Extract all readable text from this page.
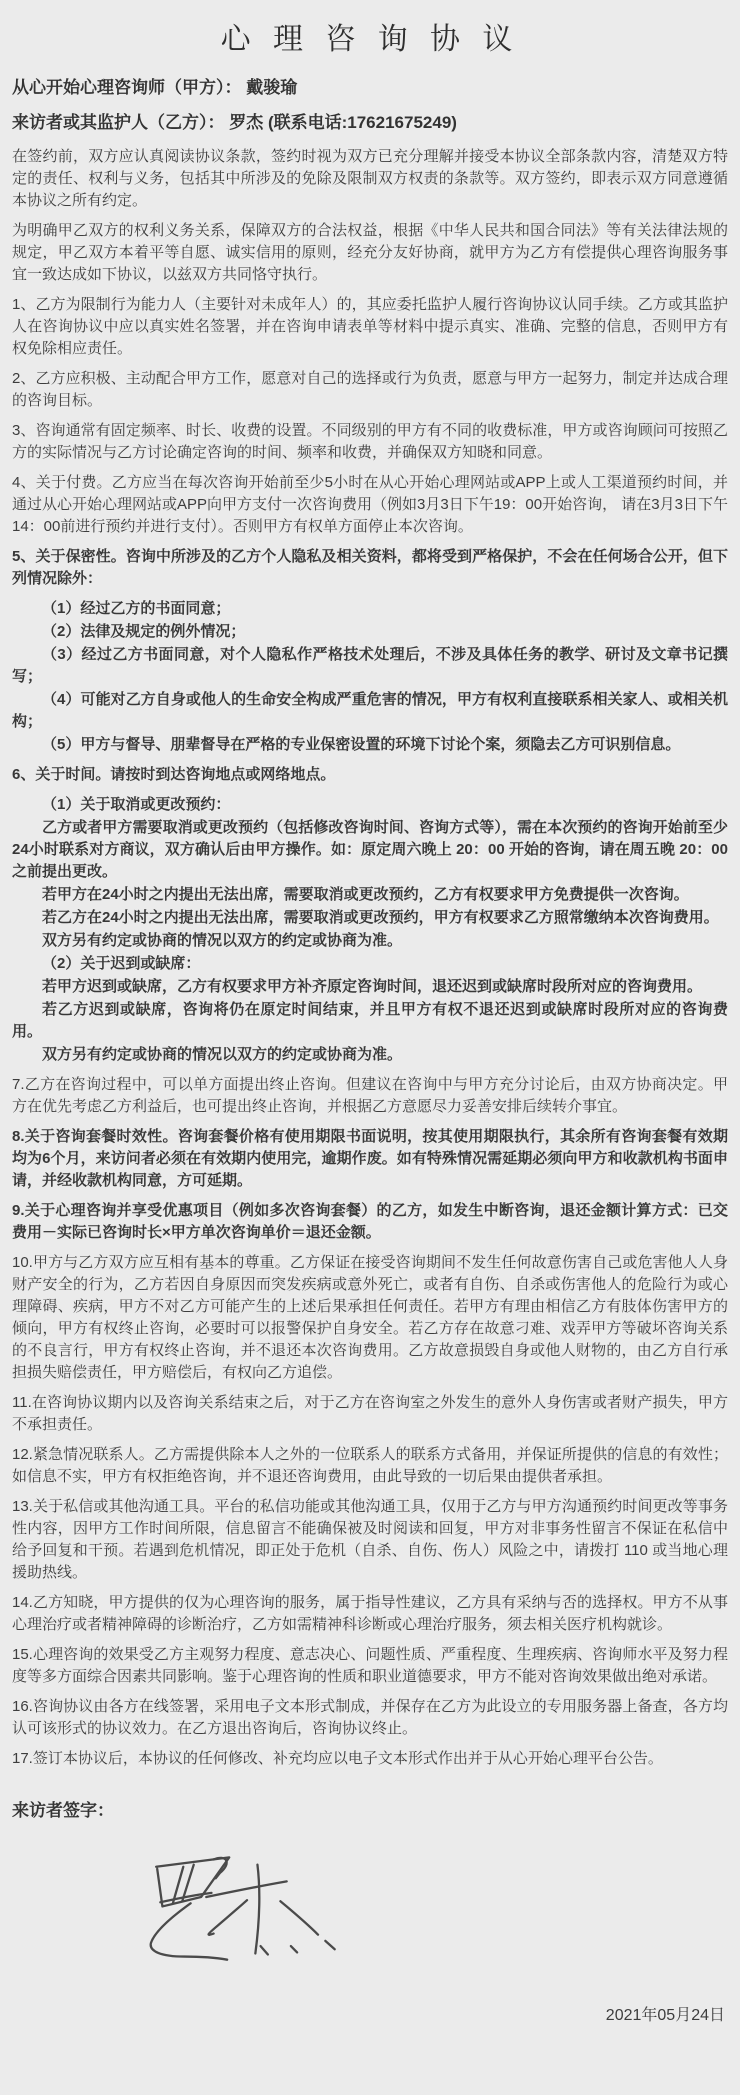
心 理 咨 询 协 议
从心开始心理咨询师（甲方）： 戴骏瑜
来访者或其监护人（乙方）： 罗杰 (联系电话:17621675249)

在签约前，双方应认真阅读协议条款，签约时视为双方已充分理解并接受本协议全部条款内容，清楚双方特定的责任、权利与义务，包括其中所涉及的免除及限制双方权责的条款等。双方签约，即表示双方同意遵循本协议之所有约定。

为明确甲乙双方的权利义务关系，保障双方的合法权益，根据《中华人民共和国合同法》等有关法律法规的规定，甲乙双方本着平等自愿、诚实信用的原则，经充分友好协商，就甲方为乙方有偿提供心理咨询服务事宜一致达成如下协议，以兹双方共同恪守执行。

1、乙方为限制行为能力人（主要针对未成年人）的，其应委托监护人履行咨询协议认同手续。乙方或其监护人在咨询协议中应以真实姓名签署，并在咨询申请表单等材料中提示真实、准确、完整的信息，否则甲方有权免除相应责任。

2、乙方应积极、主动配合甲方工作，愿意对自己的选择或行为负责，愿意与甲方一起努力，制定并达成合理的咨询目标。

3、咨询通常有固定频率、时长、收费的设置。不同级别的甲方有不同的收费标准，甲方或咨询顾问可按照乙方的实际情况与乙方讨论确定咨询的时间、频率和收费，并确保双方知晓和同意。

4、关于付费。乙方应当在每次咨询开始前至少5小时在从心开始心理网站或APP上或人工渠道预约时间，并通过从心开始心理网站或APP向甲方支付一次咨询费用（例如3月3日下午19：00开始咨询， 请在3月3日下午14：00前进行预约并进行支付）。否则甲方有权单方面停止本次咨询。

5、关于保密性。咨询中所涉及的乙方个人隐私及相关资料，都将受到严格保护，不会在任何场合公开，但下列情况除外：

（1）经过乙方的书面同意；

（2）法律及规定的例外情况；

（3）经过乙方书面同意，对个人隐私作严格技术处理后，不涉及具体任务的教学、研讨及文章书记撰写；

（4）可能对乙方自身或他人的生命安全构成严重危害的情况，甲方有权利直接联系相关家人、或相关机构；

（5）甲方与督导、朋辈督导在严格的专业保密设置的环境下讨论个案，须隐去乙方可识别信息。

6、关于时间。请按时到达咨询地点或网络地点。

（1）关于取消或更改预约：

乙方或者甲方需要取消或更改预约（包括修改咨询时间、咨询方式等），需在本次预约的咨询开始前至少24小时联系对方商议，双方确认后由甲方操作。如：原定周六晚上 20：00 开始的咨询，请在周五晚 20：00 之前提出更改。

若甲方在24小时之内提出无法出席，需要取消或更改预约，乙方有权要求甲方免费提供一次咨询。

若乙方在24小时之内提出无法出席，需要取消或更改预约，甲方有权要求乙方照常缴纳本次咨询费用。

双方另有约定或协商的情况以双方的约定或协商为准。

（2）关于迟到或缺席：

若甲方迟到或缺席，乙方有权要求甲方补齐原定咨询时间，退还迟到或缺席时段所对应的咨询费用。

若乙方迟到或缺席，咨询将仍在原定时间结束，并且甲方有权不退还迟到或缺席时段所对应的咨询费用。

双方另有约定或协商的情况以双方的约定或协商为准。

7.乙方在咨询过程中，可以单方面提出终止咨询。但建议在咨询中与甲方充分讨论后，由双方协商决定。甲方在优先考虑乙方利益后，也可提出终止咨询，并根据乙方意愿尽力妥善安排后续转介事宜。

8.关于咨询套餐时效性。咨询套餐价格有使用期限书面说明，按其使用期限执行，其余所有咨询套餐有效期均为6个月，来访问者必须在有效期内使用完，逾期作废。如有特殊情况需延期必须向甲方和收款机构书面申请，并经收款机构同意，方可延期。

9.关于心理咨询并享受优惠项目（例如多次咨询套餐）的乙方，如发生中断咨询，退还金额计算方式：已交费用－实际已咨询时长×甲方单次咨询单价＝退还金额。

10.甲方与乙方双方应互相有基本的尊重。乙方保证在接受咨询期间不发生任何故意伤害自己或危害他人人身财产安全的行为，乙方若因自身原因而突发疾病或意外死亡，或者有自伤、自杀或伤害他人的危险行为或心理障碍、疾病，甲方不对乙方可能产生的上述后果承担任何责任。若甲方有理由相信乙方有肢体伤害甲方的倾向，甲方有权终止咨询，必要时可以报警保护自身安全。若乙方存在故意刁难、戏弄甲方等破坏咨询关系的不良言行，甲方有权终止咨询，并不退还本次咨询费用。乙方故意损毁自身或他人财物的，由乙方自行承担损失赔偿责任，甲方赔偿后，有权向乙方追偿。

11.在咨询协议期内以及咨询关系结束之后，对于乙方在咨询室之外发生的意外人身伤害或者财产损失，甲方不承担责任。

12.紧急情况联系人。乙方需提供除本人之外的一位联系人的联系方式备用，并保证所提供的信息的有效性；如信息不实，甲方有权拒绝咨询，并不退还咨询费用，由此导致的一切后果由提供者承担。

13.关于私信或其他沟通工具。平台的私信功能或其他沟通工具，仅用于乙方与甲方沟通预约时间更改等事务性内容，因甲方工作时间所限，信息留言不能确保被及时阅读和回复，甲方对非事务性留言不保证在私信中给予回复和干预。若遇到危机情况，即正处于危机（自杀、自伤、伤人）风险之中，请拨打 110 或当地心理援助热线。

14.乙方知晓，甲方提供的仅为心理咨询的服务，属于指导性建议，乙方具有采纳与否的选择权。甲方不从事心理治疗或者精神障碍的诊断治疗，乙方如需精神科诊断或心理治疗服务，须去相关医疗机构就诊。

15.心理咨询的效果受乙方主观努力程度、意志决心、问题性质、严重程度、生理疾病、咨询师水平及努力程度等多方面综合因素共同影响。鉴于心理咨询的性质和职业道德要求，甲方不能对咨询效果做出绝对承诺。

16.咨询协议由各方在线签署，采用电子文本形式制成，并保存在乙方为此设立的专用服务器上备查，各方均认可该形式的协议效力。在乙方退出咨询后，咨询协议终止。

17.签订本协议后，本协议的任何修改、补充均应以电子文本形式作出并于从心开始心理平台公告。

来访者签字：
2021年05月24日
